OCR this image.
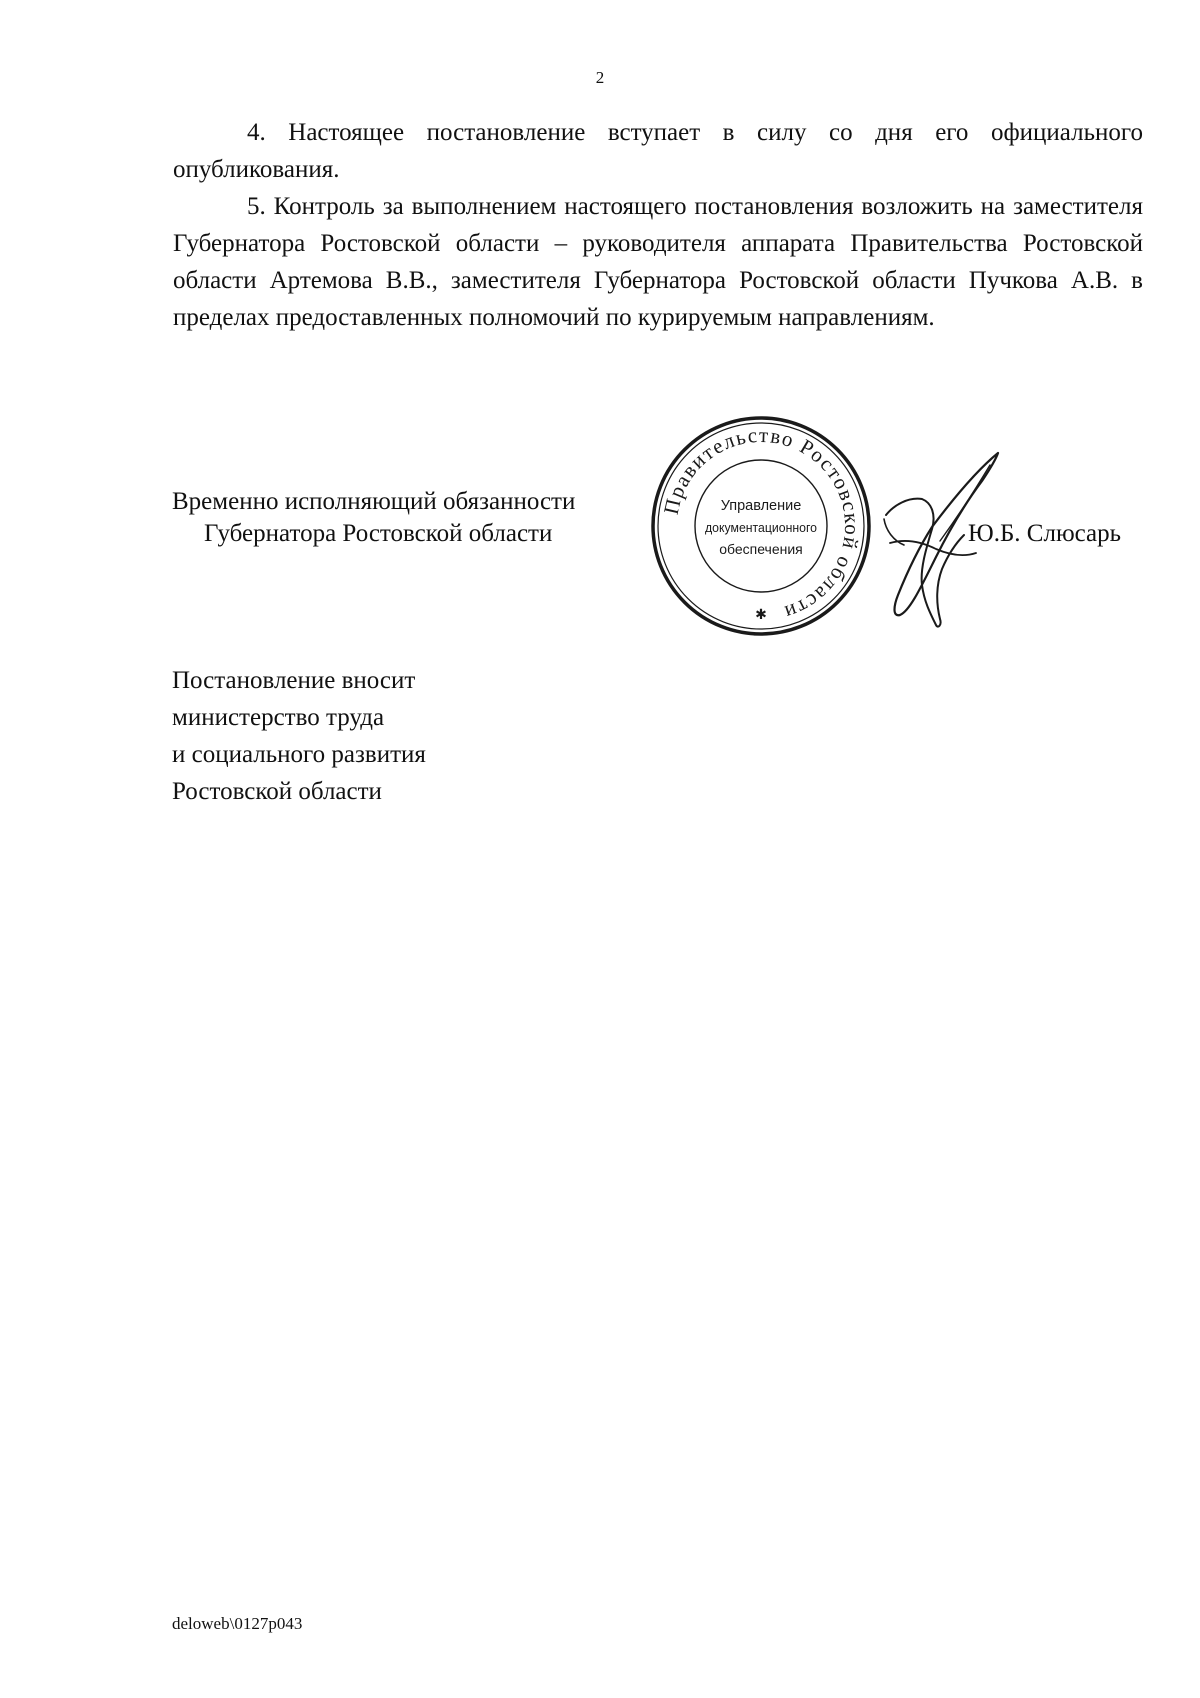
2

4. Настоящее постановление вступает в силу со дня его официального опубликования.

5. Контроль за выполнением настоящего постановления возложить на заместителя Губернатора Ростовской области – руководителя аппарата Правительства Ростовской области Артемова В.В., заместителя Губернатора Ростовской области Пучкова А.В. в пределах предоставленных полномочий по курируемым направлениям.

Временно исполняющий обязанности
Губернатора Ростовской области
Правительство Ростовской области
Управление
документационного
обеспечения
✱
Ю.Б. Слюсарь
Постановление вносит
министерство труда
и социального развития
Ростовской области
deloweb\0127p043
